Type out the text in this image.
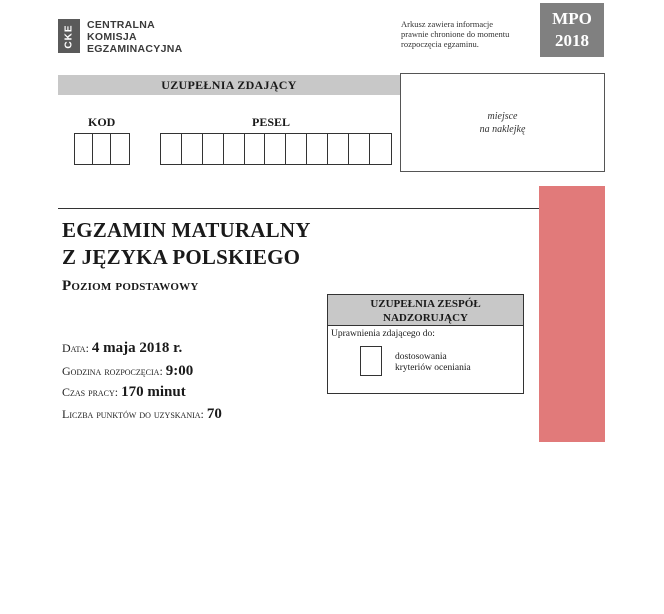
CKE CENTRALNA
KOMISJA
EGZAMINACYJNA
Arkusz zawiera informacje
prawnie chronione do momentu
rozpoczęcia egzaminu.
MPO
2018
UZUPEŁNIA ZDAJĄCY
KOD	PESEL	miejsce
na naklejkę
NOW
EGZAMIN MATURALNY
Z JĘZYKA POLSKIEGO
Poziom podstawowy
Data: 4 maja 2018 r.
Godzina rozpoczęcia: 9:00
Czas pracy: 170 minut
Liczba punktów do uzyskania: 70
UZUPEŁNIA ZESPÓŁ
NADZORUJĄCY
Uprawnienia zdającego do:
dostosowania
kryteriów oceniania
